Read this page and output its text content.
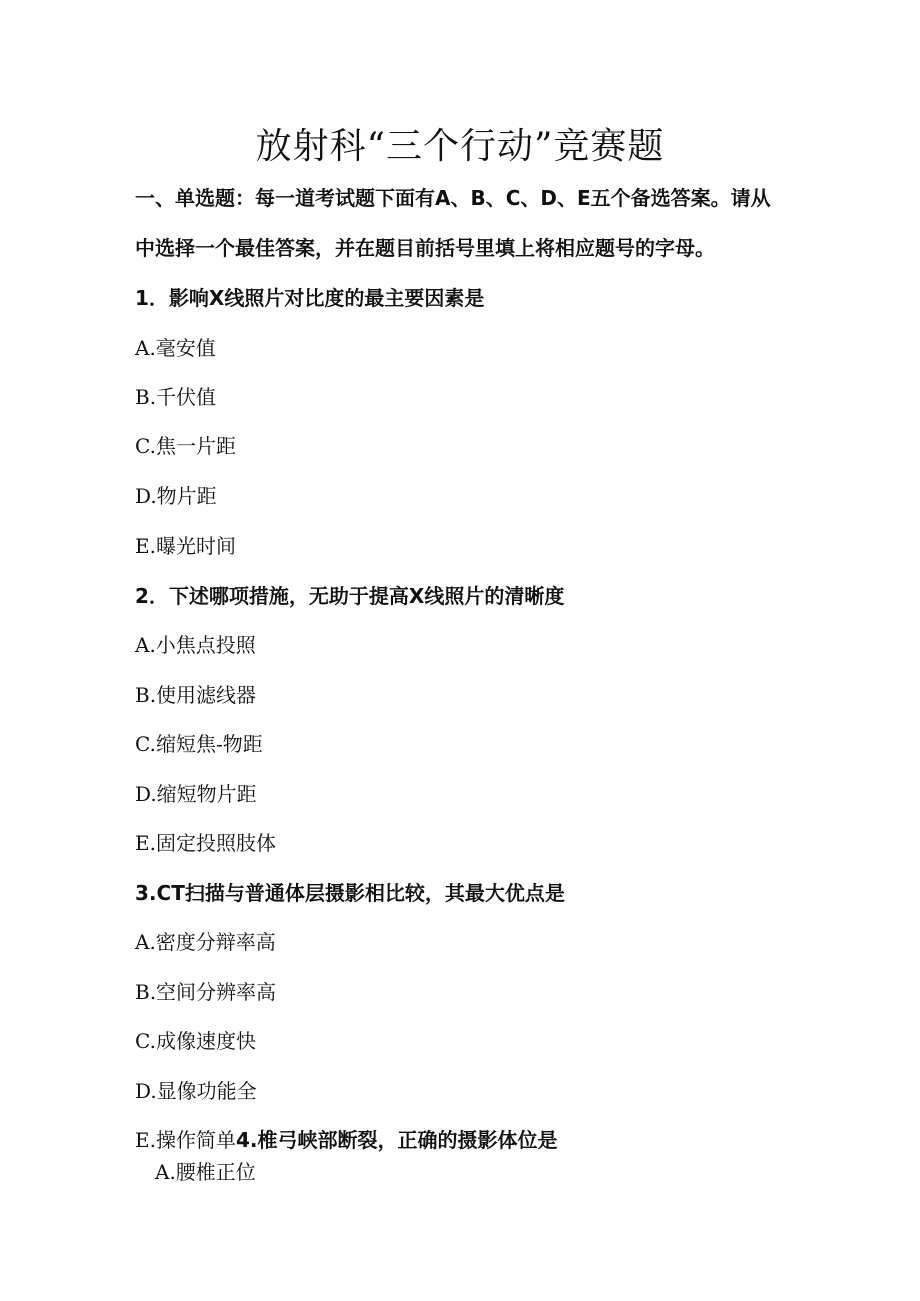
放射科“三个行动”竞赛题
一、单选题：每一道考试题下面有A、B、C、D、E五个备选答案。请从
中选择一个最佳答案，并在题目前括号里填上将相应题号的字母。
1．影响X线照片对比度的最主要因素是
A.毫安值
B.千伏值
C.焦一片距
D.物片距
E.曝光时间
2．下述哪项措施，无助于提高X线照片的清晰度
A.小焦点投照
B.使用滤线器
C.缩短焦-物距
D.缩短物片距
E.固定投照肢体
3.CT扫描与普通体层摄影相比较，其最大优点是
A.密度分辩率高
B.空间分辨率高
C.成像速度快
D.显像功能全
E.操作简单4.椎弓峡部断裂，正确的摄影体位是
A.腰椎正位
